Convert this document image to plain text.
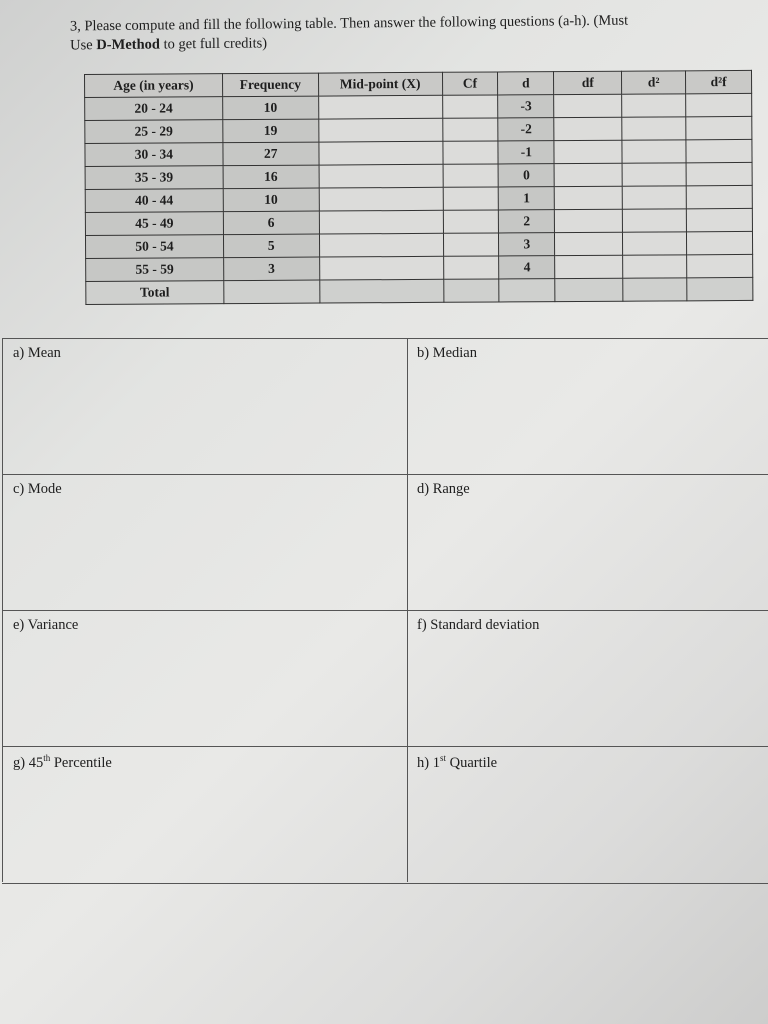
3, Please compute and fill the following table. Then answer the following questions (a-h). (Must
Use D-Method to get full credits)
Age (in years)	Frequency	Mid-point (X)	Cf	d	df	d²	d²f
20 - 24	10			-3			
25 - 29	19			-2			
30 - 34	27			-1			
35 - 39	16			0			
40 - 44	10			1			
45 - 49	6			2			
50 - 54	5			3			
55 - 59	3			4			
Total							
a) Mean	b) Median
c) Mode	d) Range
e) Variance	f) Standard deviation
g) 45th Percentile	h) 1st Quartile
